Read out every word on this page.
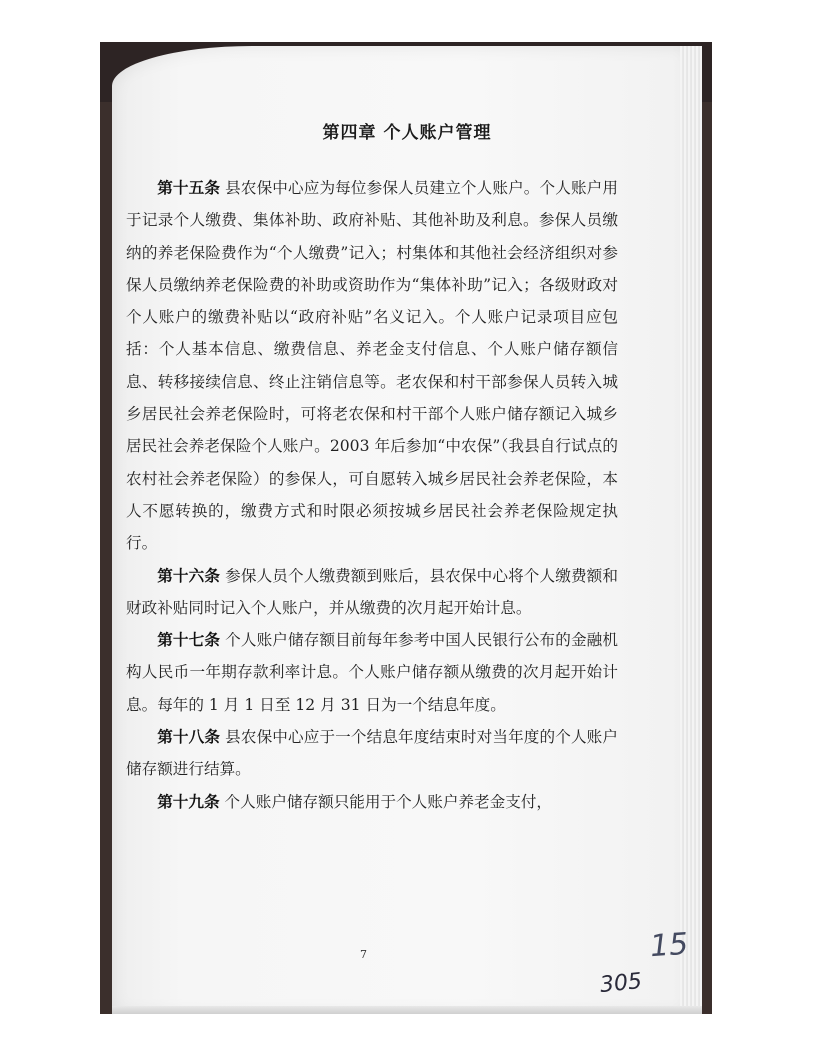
第四章 个人账户管理

第十五条 县农保中心应为每位参保人员建立个人账户。个人账户用于记录个人缴费、集体补助、政府补贴、其他补助及利息。参保人员缴纳的养老保险费作为“个人缴费”记入；村集体和其他社会经济组织对参保人员缴纳养老保险费的补助或资助作为“集体补助”记入；各级财政对个人账户的缴费补贴以“政府补贴”名义记入。个人账户记录项目应包括：个人基本信息、缴费信息、养老金支付信息、个人账户储存额信息、转移接续信息、终止注销信息等。老农保和村干部参保人员转入城乡居民社会养老保险时，可将老农保和村干部个人账户储存额记入城乡居民社会养老保险个人账户。2003 年后参加“中农保”（我县自行试点的农村社会养老保险）的参保人，可自愿转入城乡居民社会养老保险，本人不愿转换的，缴费方式和时限必须按城乡居民社会养老保险规定执行。

第十六条 参保人员个人缴费额到账后，县农保中心将个人缴费额和财政补贴同时记入个人账户，并从缴费的次月起开始计息。

第十七条 个人账户储存额目前每年参考中国人民银行公布的金融机构人民币一年期存款利率计息。个人账户储存额从缴费的次月起开始计息。每年的 1 月 1 日至 12 月 31 日为一个结息年度。

第十八条 县农保中心应于一个结息年度结束时对当年度的个人账户储存额进行结算。

第十九条 个人账户储存额只能用于个人账户养老金支付，

7	15
305
